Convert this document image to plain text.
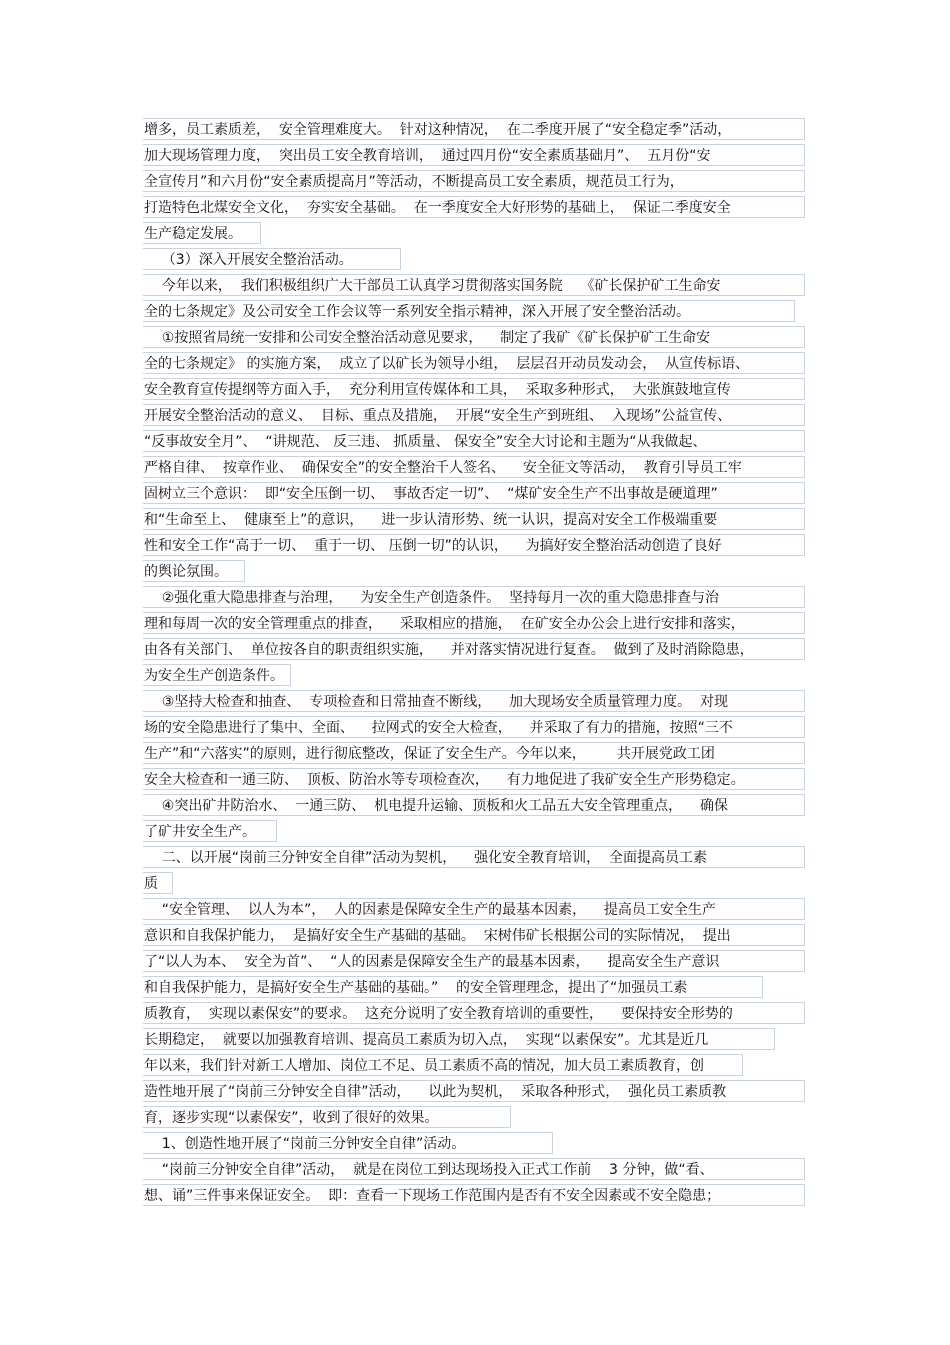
增多，员工素质差，  安全管理难度大。  针对这种情况，  在二季度开展了“安全稳定季”活动，
加大现场管理力度，  突出员工安全教育培训，  通过四月份“安全素质基础月”、  五月份“安
全宣传月”和六月份“安全素质提高月”等活动，不断提高员工安全素质，规范员工行为，
打造特色北煤安全文化，  夯实安全基础。  在一季度安全大好形势的基础上，  保证二季度安全
生产稳定发展。
（3）深入开展安全整治活动。
今年以来，  我们积极组织广大干部员工认真学习贯彻落实国务院    《矿长保护矿工生命安
全的七条规定》及公司安全工作会议等一系列安全指示精神，深入开展了安全整治活动。
①按照省局统一安排和公司安全整治活动意见要求，    制定了我矿《矿长保护矿工生命安
全的七条规定》 的实施方案，  成立了以矿长为领导小组，  层层召开动员发动会，  从宣传标语、
安全教育宣传提纲等方面入手，  充分利用宣传媒体和工具，  采取多种形式，  大张旗鼓地宣传
开展安全整治活动的意义、  目标、重点及措施，  开展“安全生产到班组、  入现场”公益宣传、
“反事故安全月”、  “讲规范、 反三违、 抓质量、 保安全”安全大讨论和主题为“从我做起、
严格自律、  按章作业、  确保安全”的安全整治千人签名、    安全征文等活动，  教育引导员工牢
固树立三个意识：  即“安全压倒一切、  事故否定一切”、  “煤矿安全生产不出事故是硬道理”
和“生命至上、  健康至上”的意识，    进一步认清形势、统一认识，提高对安全工作极端重要
性和安全工作“高于一切、  重于一切、 压倒一切”的认识，    为搞好安全整治活动创造了良好
的舆论氛围。
②强化重大隐患排查与治理，    为安全生产创造条件。  坚持每月一次的重大隐患排查与治
理和每周一次的安全管理重点的排查，    采取相应的措施，  在矿安全办公会上进行安排和落实，
由各有关部门、  单位按各自的职责组织实施，    并对落实情况进行复查。  做到了及时消除隐患，
为安全生产创造条件。
③坚持大检查和抽查、  专项检查和日常抽查不断线，    加大现场安全质量管理力度。  对现
场的安全隐患进行了集中、全面、    拉网式的安全大检查，    并采取了有力的措施，按照“三不
生产”和“六落实”的原则，进行彻底整改，保证了安全生产。今年以来，       共开展党政工团
安全大检查和一通三防、  顶板、防治水等专项检查次，    有力地促进了我矿安全生产形势稳定。
④突出矿井防治水、  一通三防、  机电提升运输、顶板和火工品五大安全管理重点，    确保
了矿井安全生产。
二、以开展“岗前三分钟安全自律”活动为契机，    强化安全教育培训，  全面提高员工素
质
“安全管理、  以人为本”，  人的因素是保障安全生产的最基本因素，    提高员工安全生产
意识和自我保护能力，  是搞好安全生产基础的基础。  宋树伟矿长根据公司的实际情况，  提出
了“以人为本、  安全为首”、  “人的因素是保障安全生产的最基本因素，    提高安全生产意识
和自我保护能力，是搞好安全生产基础的基础。”    的安全管理理念，提出了“加强员工素
质教育，  实现以素保安”的要求。  这充分说明了安全教育培训的重要性，    要保持安全形势的
长期稳定，  就要以加强教育培训、提高员工素质为切入点，  实现“以素保安”。尤其是近几
年以来，我们针对新工人增加、岗位工不足、员工素质不高的情况，加大员工素质教育，创
造性地开展了“岗前三分钟安全自律”活动，    以此为契机，  采取各种形式，  强化员工素质教
育，逐步实现“以素保安”，收到了很好的效果。
1、创造性地开展了“岗前三分钟安全自律”活动。
“岗前三分钟安全自律”活动，  就是在岗位工到达现场投入正式工作前    3 分钟，做“看、
想、诵”三件事来保证安全。  即：查看一下现场工作范围内是否有不安全因素或不安全隐患；
